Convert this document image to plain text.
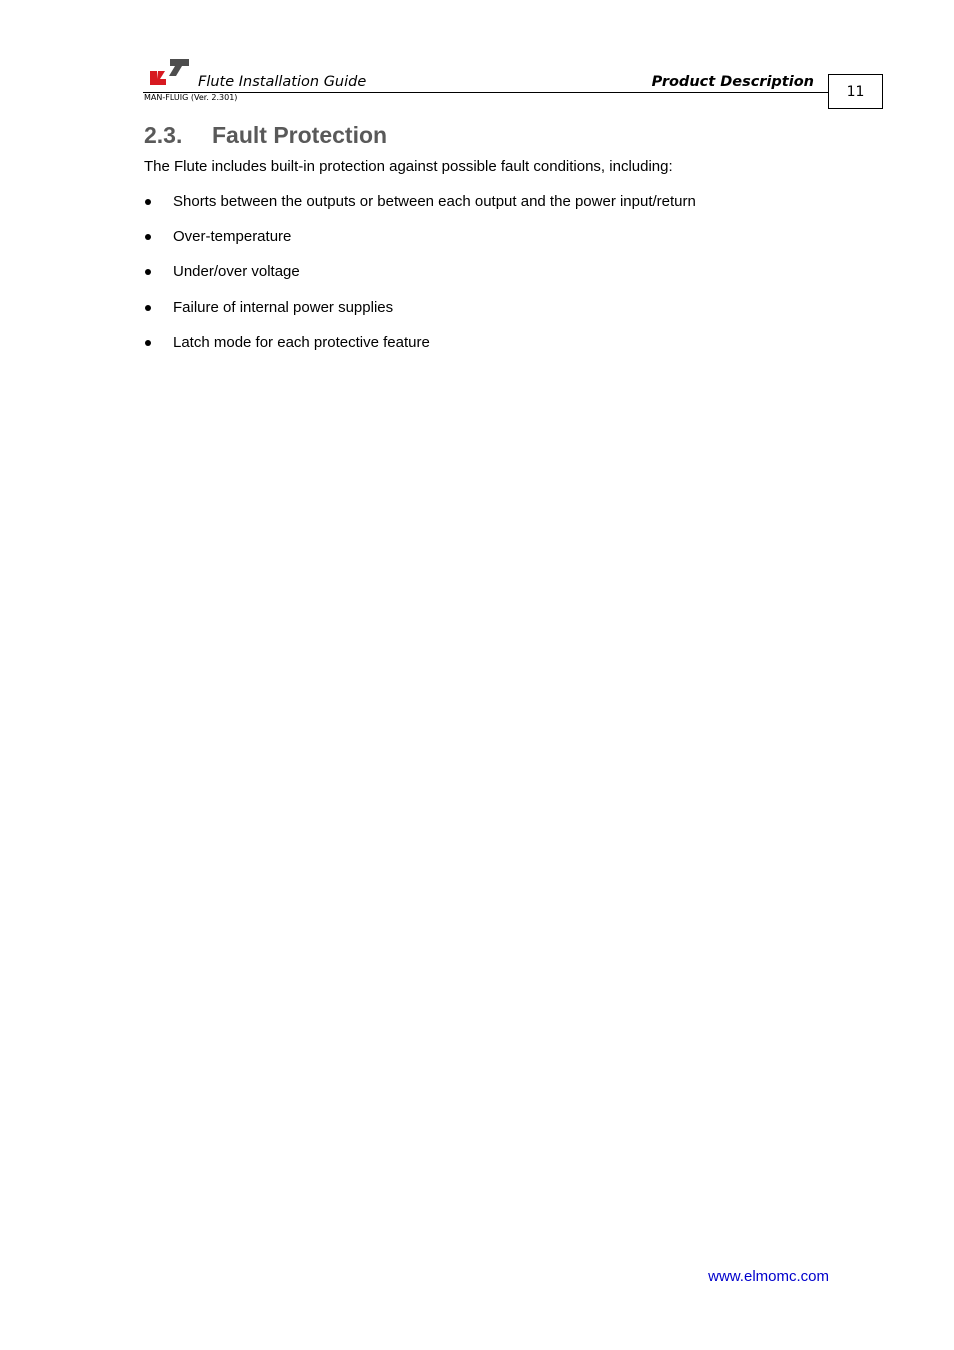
Flute Installation Guide	Product Description
MAN-FLUIG (Ver. 2.301)	11
2.3. Fault Protection
The Flute includes built-in protection against possible fault conditions, including:
Shorts between the outputs or between each output and the power input/return
Over-temperature
Under/over voltage
Failure of internal power supplies
Latch mode for each protective feature
www.elmomc.com
